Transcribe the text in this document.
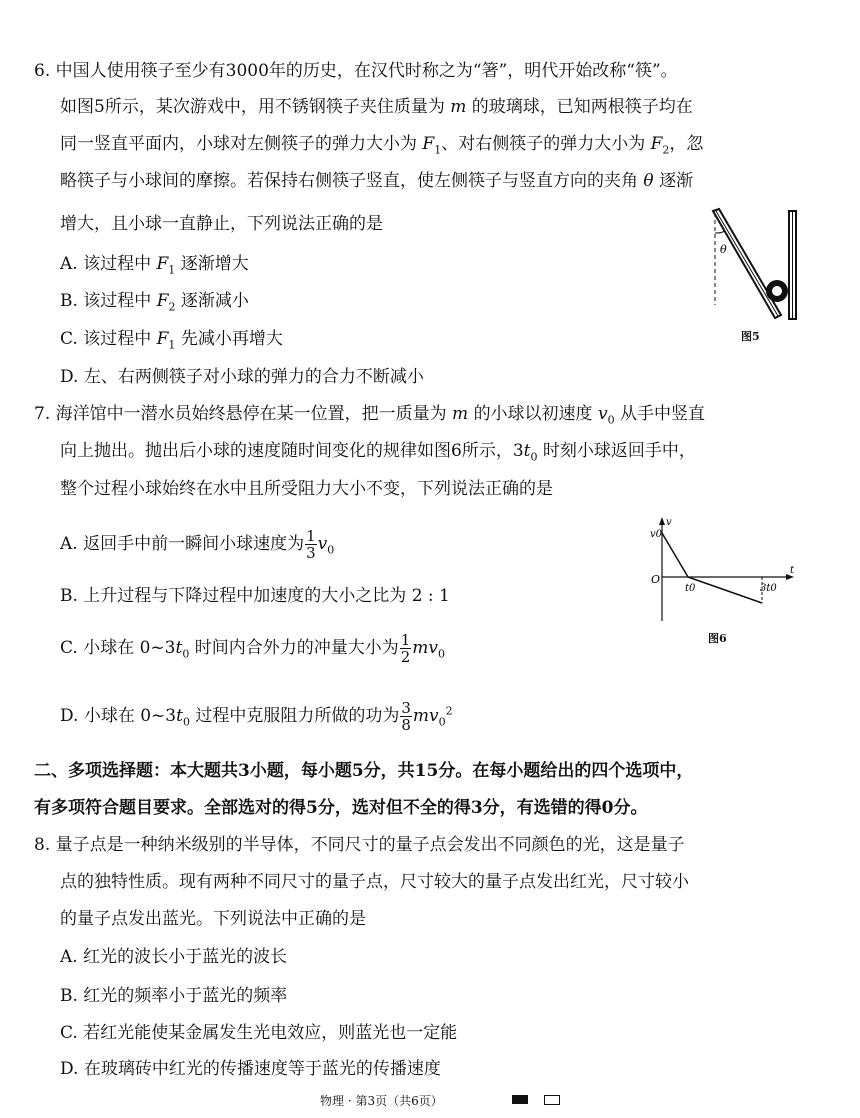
6. 中国人使用筷子至少有3000年的历史，在汉代时称之为“箸”，明代开始改称“筷”。
如图5所示，某次游戏中，用不锈钢筷子夹住质量为 m 的玻璃球，已知两根筷子均在
同一竖直平面内，小球对左侧筷子的弹力大小为 $F_1$、对右侧筷子的弹力大小为 $F_2$，忽
略筷子与小球间的摩擦。若保持右侧筷子竖直，使左侧筷子与竖直方向的夹角 θ 逐渐
增大，且小球一直静止，下列说法正确的是
A. 该过程中 $F_1$ 逐渐增大
B. 该过程中 $F_2$ 逐渐减小
C. 该过程中 $F_1$ 先减小再增大
D. 左、右两侧筷子对小球的弹力的合力不断减小
θ
图5
7. 海洋馆中一潜水员始终悬停在某一位置，把一质量为 m 的小球以初速度 $v_0$ 从手中竖直
向上抛出。抛出后小球的速度随时间变化的规律如图6所示，$3t_0$ 时刻小球返回手中，
整个过程小球始终在水中且所受阻力大小不变，下列说法正确的是
A. 返回手中前一瞬间小球速度为 $\frac{1}{3} v_0$
B. 上升过程与下降过程中加速度的大小之比为 2 : 1
C. 小球在 $0\sim 3t_0$ 时间内合外力的冲量大小为 $\frac{1}{2} mv_0$
D. 小球在 $0\sim 3t_0$ 过程中克服阻力所做的功为 $\frac{3}{8} mv_0^2$
v0
v
O
t0	3t0
t
图6
二、多项选择题：本大题共3小题，每小题5分，共15分。在每小题给出的四个选项中，
有多项符合题目要求。全部选对的得5分，选对但不全的得3分，有选错的得0分。
8. 量子点是一种纳米级别的半导体，不同尺寸的量子点会发出不同颜色的光，这是量子
点的独特性质。现有两种不同尺寸的量子点，尺寸较大的量子点发出红光，尺寸较小
的量子点发出蓝光。下列说法中正确的是
A. 红光的波长小于蓝光的波长
B. 红光的频率小于蓝光的频率
C. 若红光能使某金属发生光电效应，则蓝光也一定能
D. 在玻璃砖中红光的传播速度等于蓝光的传播速度
物理 · 第3页（共6页）
